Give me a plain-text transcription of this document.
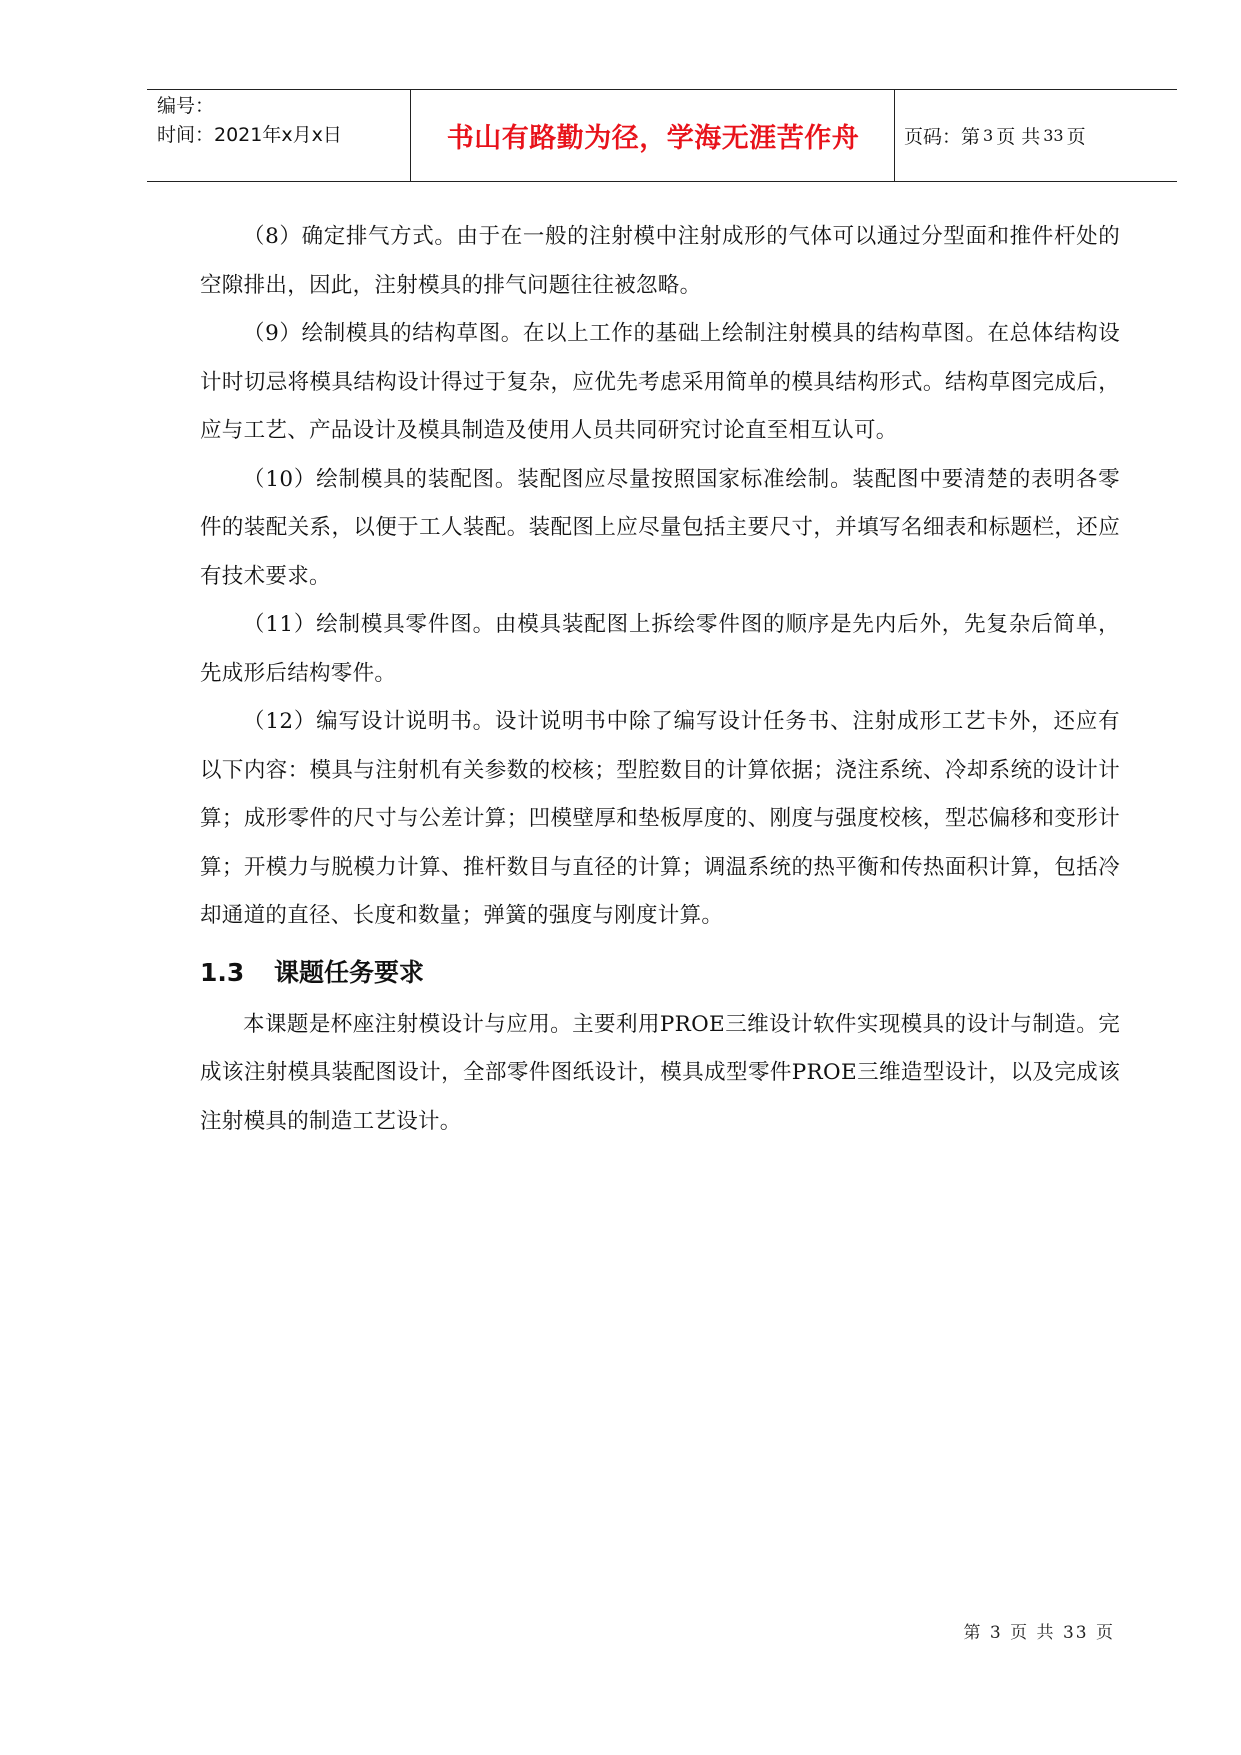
编号：
时间：2021年x月x日	书山有路勤为径，学海无涯苦作舟	页码：第 3 页 共 33 页

（8）确定排气方式。由于在一般的注射模中注射成形的气体可以通过分型面和推件杆处的空隙排出，因此，注射模具的排气问题往往被忽略。

（9）绘制模具的结构草图。在以上工作的基础上绘制注射模具的结构草图。在总体结构设计时切忌将模具结构设计得过于复杂，应优先考虑采用简单的模具结构形式。结构草图完成后，应与工艺、产品设计及模具制造及使用人员共同研究讨论直至相互认可。

（10）绘制模具的装配图。装配图应尽量按照国家标准绘制。装配图中要清楚的表明各零件的装配关系，以便于工人装配。装配图上应尽量包括主要尺寸，并填写名细表和标题栏，还应有技术要求。

（11）绘制模具零件图。由模具装配图上拆绘零件图的顺序是先内后外，先复杂后简单，先成形后结构零件。

（12）编写设计说明书。设计说明书中除了编写设计任务书、注射成形工艺卡外，还应有以下内容：模具与注射机有关参数的校核；型腔数目的计算依据；浇注系统、冷却系统的设计计算；成形零件的尺寸与公差计算；凹模壁厚和垫板厚度的、刚度与强度校核，型芯偏移和变形计算；开模力与脱模力计算、推杆数目与直径的计算；调温系统的热平衡和传热面积计算，包括冷却通道的直径、长度和数量；弹簧的强度与刚度计算。

1.3 课题任务要求

本课题是杯座注射模设计与应用。主要利用PROE三维设计软件实现模具的设计与制造。完成该注射模具装配图设计，全部零件图纸设计，模具成型零件PROE三维造型设计，以及完成该注射模具的制造工艺设计。

第 3 页 共 33 页
